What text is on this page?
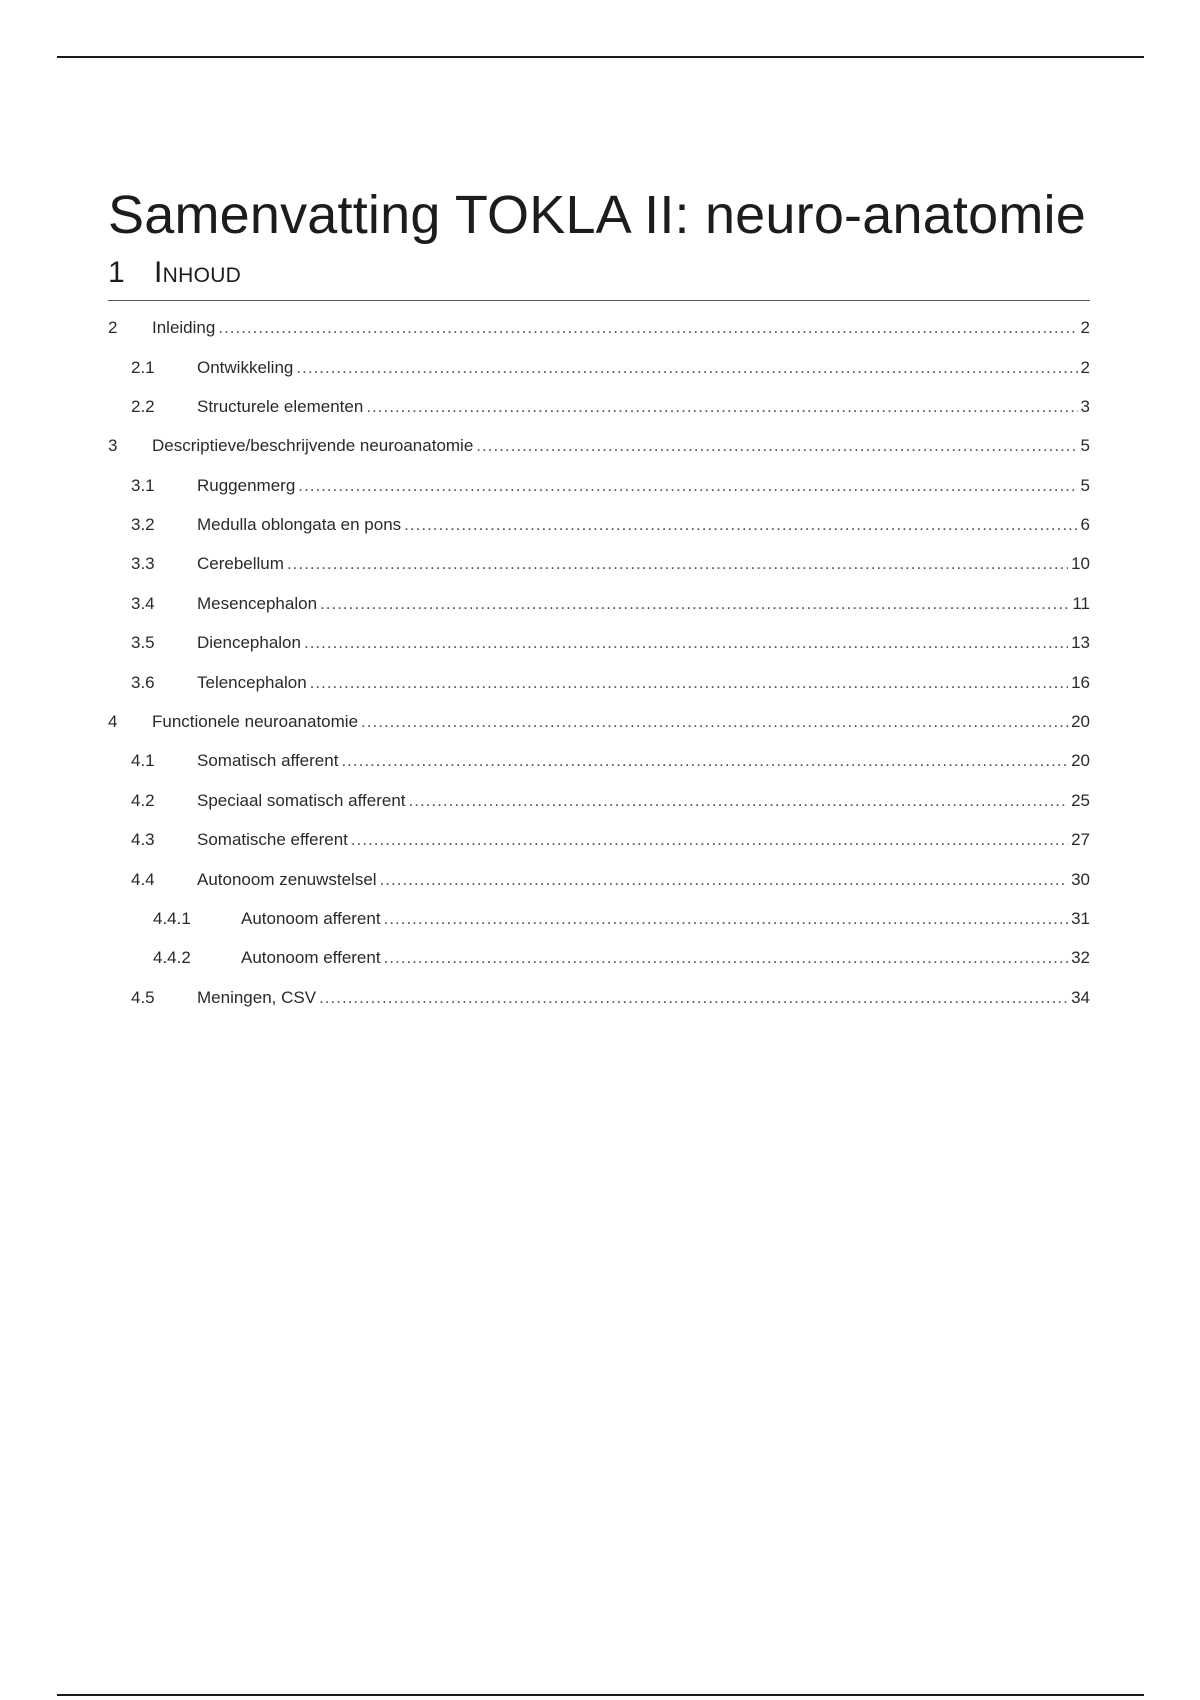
Samenvatting TOKLA II: neuro-anatomie
1 Inhoud
2	Inleiding .....	2
2.1	Ontwikkeling .....	2
2.2	Structurele elementen .....	3
3	Descriptieve/beschrijvende neuroanatomie .....	5
3.1	Ruggenmerg .....	5
3.2	Medulla oblongata en pons .....	6
3.3	Cerebellum .....	10
3.4	Mesencephalon .....	11
3.5	Diencephalon .....	13
3.6	Telencephalon .....	16
4	Functionele neuroanatomie .....	20
4.1	Somatisch afferent .....	20
4.2	Speciaal somatisch afferent .....	25
4.3	Somatische efferent .....	27
4.4	Autonoom zenuwstelsel .....	30
4.4.1	Autonoom afferent .....	31
4.4.2	Autonoom efferent .....	32
4.5	Meningen, CSV .....	34
